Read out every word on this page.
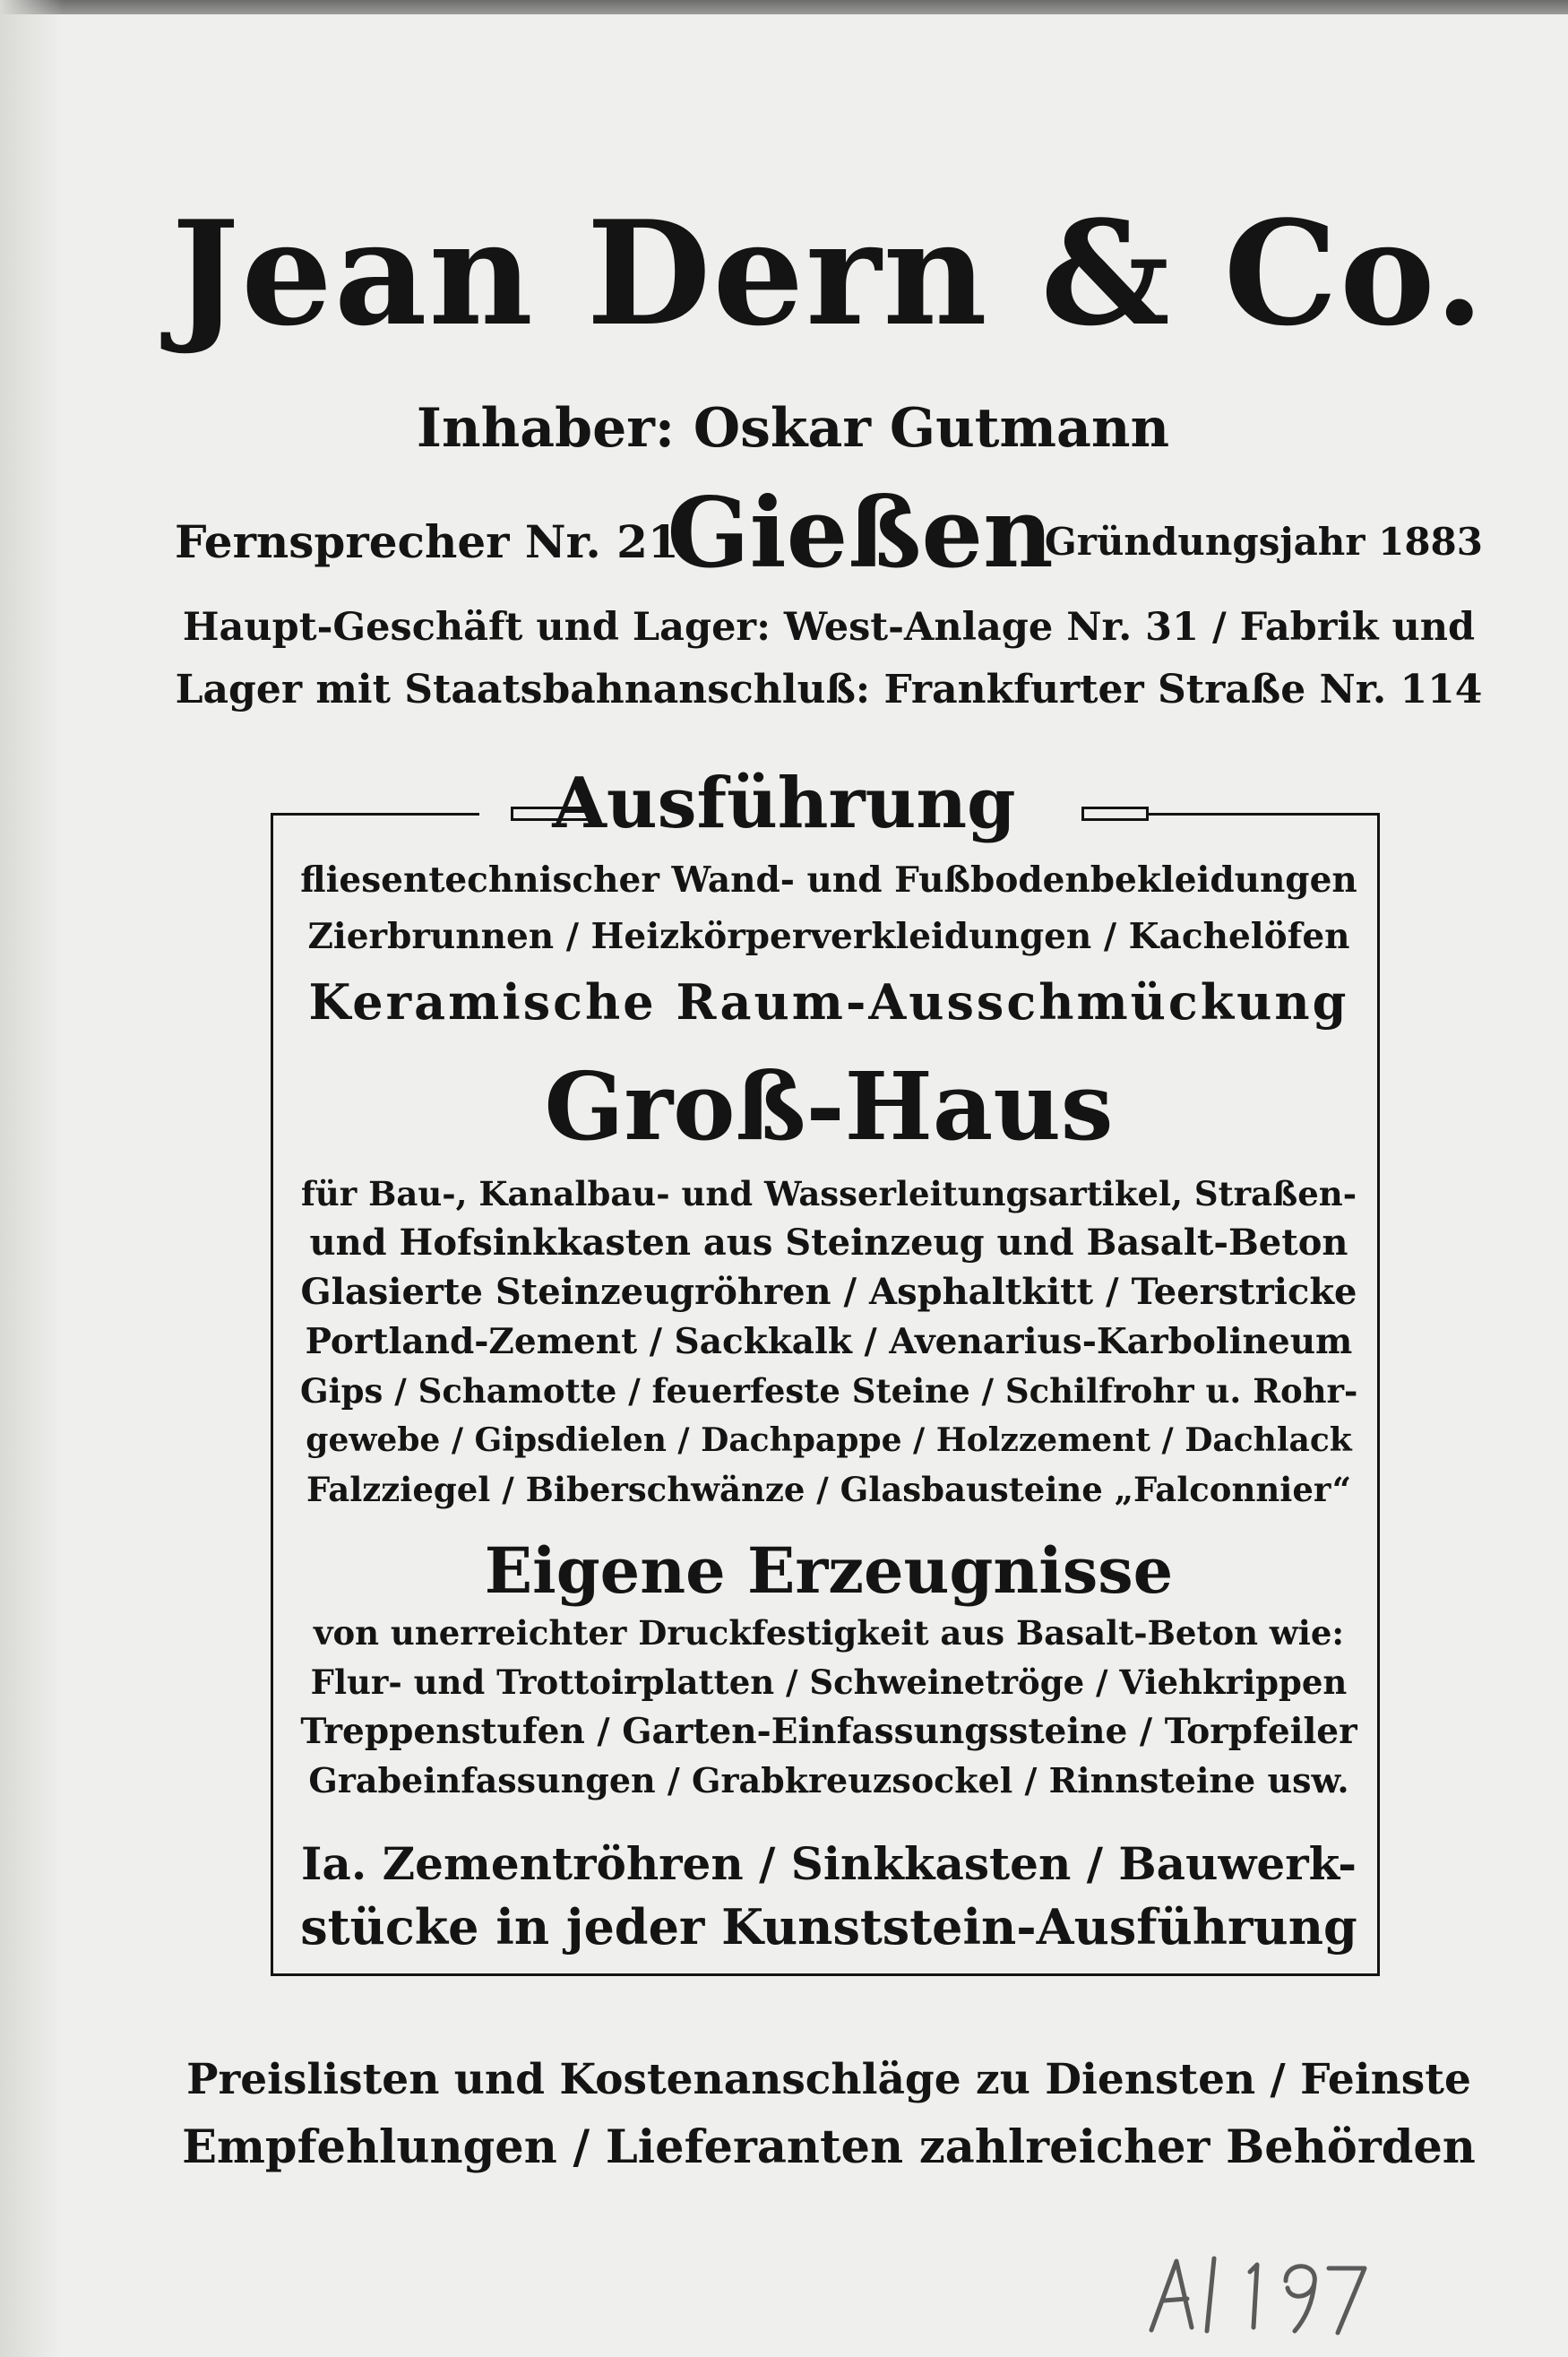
Jean Dern & Co.

Inhaber: Oskar Gutmann

Fernsprecher Nr. 21

Gießen

Gründungsjahr 1883

Haupt-Geschäft und Lager: West-Anlage Nr. 31 / Fabrik und

Lager mit Staatsbahnanschluß: Frankfurter Straße Nr. 114

Ausführung

fliesentechnischer Wand- und Fußbodenbekleidungen

Zierbrunnen / Heizkörperverkleidungen / Kachelöfen

Keramische Raum-Ausschmückung

Groß-Haus

für Bau-, Kanalbau- und Wasserleitungsartikel, Straßen-

und Hofsinkkasten aus Steinzeug und Basalt-Beton

Glasierte Steinzeugröhren / Asphaltkitt / Teerstricke

Portland-Zement / Sackkalk / Avenarius-Karbolineum

Gips / Schamotte / feuerfeste Steine / Schilfrohr u. Rohr-

gewebe / Gipsdielen / Dachpappe / Holzzement / Dachlack

Falzziegel / Biberschwänze / Glasbausteine „Falconnier“

Eigene Erzeugnisse

von unerreichter Druckfestigkeit aus Basalt-Beton wie:

Flur- und Trottoirplatten / Schweinetröge / Viehkrippen

Treppenstufen / Garten-Einfassungssteine / Torpfeiler

Grabeinfassungen / Grabkreuzsockel / Rinnsteine usw.

Ia. Zementröhren / Sinkkasten / Bauwerk-

stücke in jeder Kunststein-Ausführung

Preislisten und Kostenanschläge zu Diensten / Feinste

Empfehlungen / Lieferanten zahlreicher Behörden
